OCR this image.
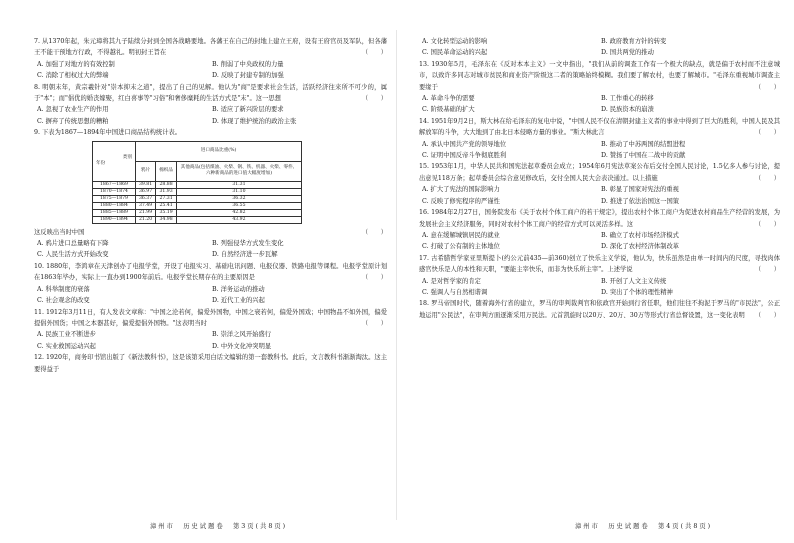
7. 从1370年起，朱元璋将其九子陆续分封到全国各战略要地。各藩王在自己的封地上建立王府，设有王府官员及军队，但各藩王不能干预地方行政，不得越礼。明初封王旨在	（　　）

A. 加强了对地方的有效控制	B. 削弱了中央政权的力量
C. 消除了相权过大的弊端	D. 反映了封建专制的加强

8. 明朝末年，黄宗羲针对"崇本抑末之道"，提出了自己的见解。他认为"商"是要求社会生活，活跃经济往来所不可少的，属于"本"；而"倡优的婚丧嫁娶，红白喜事等"习俗"和奢侈糜耗的生活方式是"末"。这一思想	（　　）

A. 忽视了农业生产的作用	B. 适应了新兴阶层的要求
C. 摒弃了传统思想的糟粕	D. 体现了维护统治的政治主张

9. 下表为1867—1894年中国进口商品结构统计表。

类别
年份	进口商品比重(%)		
	鸦片	棉织品	其他商品(包括煤油、火柴、钢、铁、机器、火柴、零件、六种新商品的进口值大幅度增加)
1867—1869	39.81	28.88	31.31
1870—1874	36.97	31.93	31.10
1875—1879	36.37	27.31	36.32
1880—1884	37.49	25.41	36.55
1885—1889	21.99	35.19	42.82
1890—1894	21.20	34.98	43.92

这反映出当时中国	（　　）

A. 鸦片进口总量略有下降	B. 列强侵华方式发生变化
C. 人民生活方式开始改变	D. 自然经济进一步瓦解

10. 1880年，李鸿章在天津创办了电报学堂，开设了电报实习、基础电讯问题、电报仪器、铁路电报等课程。电报学堂原计划在1863年毕办，实际上一直办到1900年前后。电报学堂长期存在的主要原因是	（　　）

A. 科举制度的衰落	B. 洋务运动的推动
C. 社会观念的改变	D. 近代工业的兴起

11. 1912年3月11日，有人发表文章称："中国之沦若何，偏爱外国物，中国之衰若何，偏爱外国戏；中国物品不如外国，偏爱提倡外国货；中国之本器甚好，偏爱提倡外国物。"这表明当时	（　　）

A. 民族工业不断进步	B. 崇洋之风开始盛行
C. 实业救国运动兴起	D. 中外文化冲突明显

12. 1920年，商务印书馆出版了《新法教科书》，这是该第采用白话文编辑的第一套教科书。此后，文言教科书渐渐淘汰。这主要得益于

A. 文化转型运动的影响	B. 政府教育方针的转变
C. 国民革命运动的兴起	D. 国共两党的推动

13. 1930年5月，毛泽东在《反对本本主义》一文中指出，"我们从前的调查工作有一个极大的缺点，就是偏于农村而不注意城市，以致许多同志对城市贫民和商业资产阶级这二者的策略始终模糊。我们要了解农村，也要了解城市。"毛泽东重视城市调查主要缘于	（　　）

A. 革命斗争的需要	B. 工作重心的转移
C. 阶级基础的扩大	D. 民族资本的崩溃

14. 1951年9月2日，斯大林在给毛泽东的复电中说，"中国人民不仅在清朝封建主义者的事业中得到了巨大的胜利，中国人民及其解放军的斗争，大大地到了由北日本侵略方量的事业。"斯大林此言	（　　）

A. 承认中国共产党的领导地位	B. 推动了中苏两国的结盟进程
C. 证明中国反帝斗争彻底胜利	D. 赞扬了中国在二战中的贡献

15. 1953年1月，中华人民共和国宪法起草委员会成立；1954年6月宪法草案公布后交付全国人民讨论，1.5亿多人参与讨论，提出意见118万条；起草委员会综合意见修改后，交付全国人民大会表决通过。以上措施	（　　）

A. 扩大了宪法的国际影响力	B. 彰显了国家对宪法的重视
C. 反映了修宪程序的严谨性	D. 推进了依法治国这一国策

16. 1984年2月27日，国务院发布《关于农村个体工商户的若干规定》，提出农村个体工商户为促进农村商品生产经营的发展，为发展社会主义经济服务，同时对农村个体工商户的经营方式可以灵活多样。这	（　　）

A. 意在缓解城镇居民的就业	B. 确立了农村市场经济模式
C. 打破了公有制的主体地位	D. 深化了农村经济体制改革

17. 古希腊哲学家亚里斯提卜(约公元前435—前360)创立了快乐主义学说，他认为，快乐虽然是由单一时间内的尺度，寻找肉体感官快乐是人的本性和天职，"要能主宰快乐，而非为快乐所主宰"。上述学说	（　　）

A. 是对哲学家的肯定	B. 开创了人文主义传统
C. 强调人与自然相谐调	D. 突出了个体的理性精神

18. 罗马帝国时代，随着海外行省的建立，罗马的审判裁判官和依政官开始到行省任职，他们往往不拘泥于罗马的"市民法"，公正地运用"公民法"，在审判方面逐渐采用万民法。元首凯旋时以20万、20万、30万等形式行省总督设置，这一变化表明 （　　）

漳州市　历史试题卷　第3页(共8页)	漳州市　历史试题卷　第4页(共8页)
